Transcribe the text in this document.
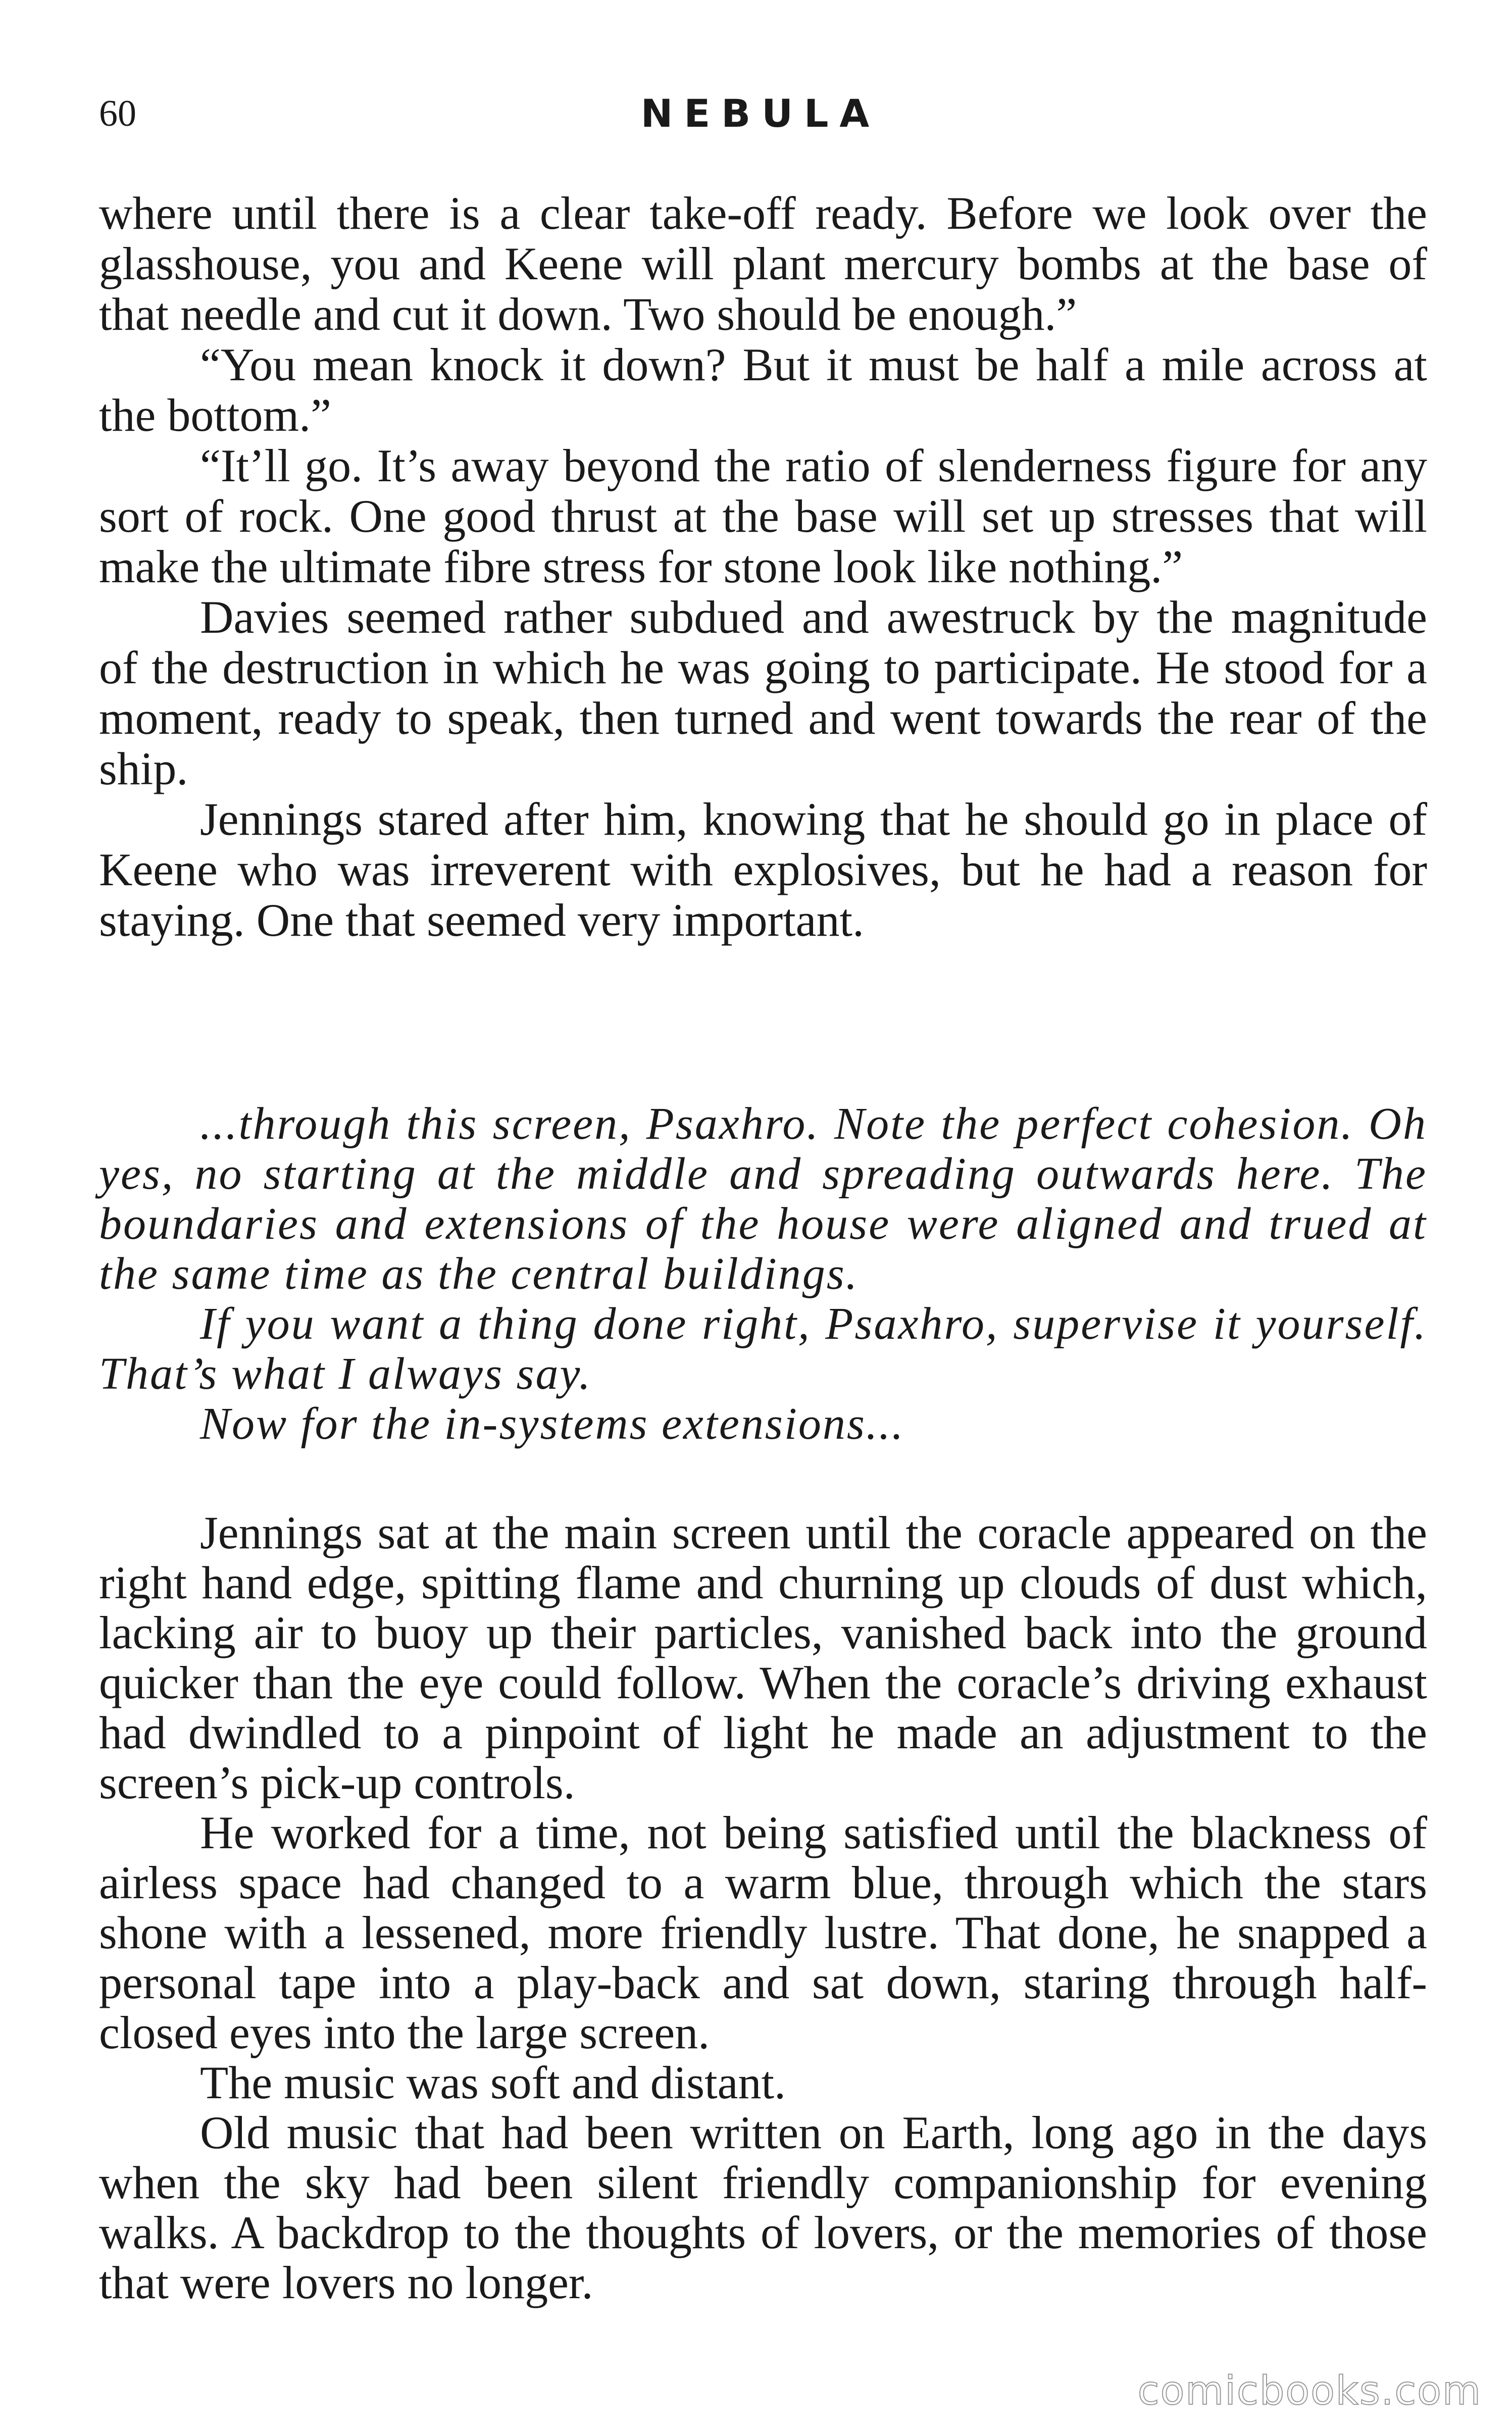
60	NEBULA

where until there is a clear take-off ready. Before we look over the glasshouse, you and Keene will plant mercury bombs at the base of that needle and cut it down. Two should be enough.”

“You mean knock it down? But it must be half a mile across at the bottom.”

“It’ll go. It’s away beyond the ratio of slenderness figure for any sort of rock. One good thrust at the base will set up stresses that will make the ultimate fibre stress for stone look like nothing.”

Davies seemed rather subdued and awestruck by the magnitude of the destruction in which he was going to participate. He stood for a moment, ready to speak, then turned and went towards the rear of the ship.

Jennings stared after him, knowing that he should go in place of Keene who was irreverent with explosives, but he had a reason for staying. One that seemed very important.

...through this screen, Psaxhro. Note the perfect cohesion. Oh yes, no starting at the middle and spreading outwards here. The boundaries and extensions of the house were aligned and trued at the same time as the central buildings.

If you want a thing done right, Psaxhro, supervise it yourself. That’s what I always say.

Now for the in-systems extensions...

Jennings sat at the main screen until the coracle appeared on the right hand edge, spitting flame and churning up clouds of dust which, lacking air to buoy up their particles, vanished back into the ground quicker than the eye could follow. When the coracle’s driving exhaust had dwindled to a pinpoint of light he made an adjustment to the screen’s pick-up controls.

He worked for a time, not being satisfied until the blackness of airless space had changed to a warm blue, through which the stars shone with a lessened, more friendly lustre. That done, he snapped a personal tape into a play-back and sat down, staring through half-closed eyes into the large screen.

The music was soft and distant.

Old music that had been written on Earth, long ago in the days when the sky had been silent friendly companionship for evening walks. A backdrop to the thoughts of lovers, or the memories of those that were lovers no longer.

comicbooks.com
